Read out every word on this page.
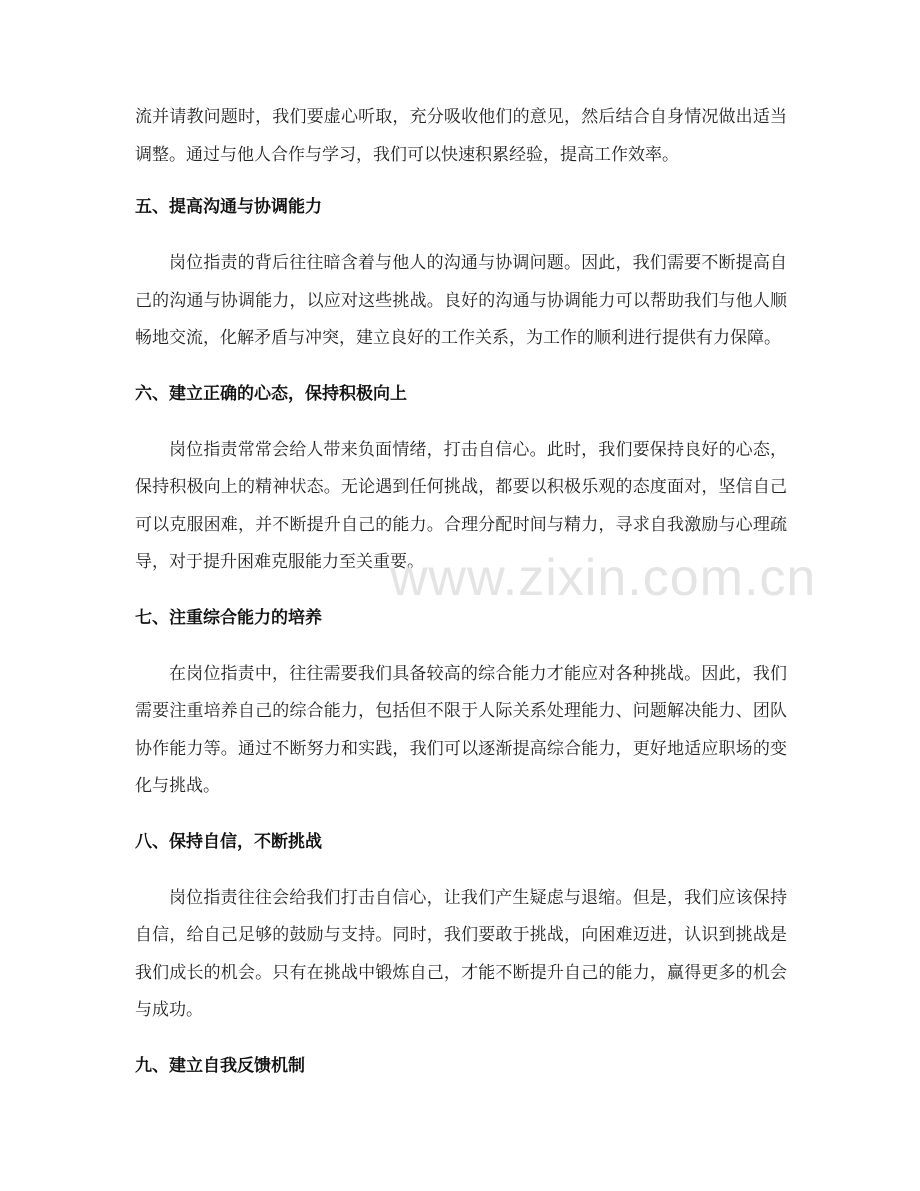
流并请教问题时，我们要虚心听取，充分吸收他们的意见，然后结合自身情况做出适当调整。通过与他人合作与学习，我们可以快速积累经验，提高工作效率。

五、提高沟通与协调能力

岗位指责的背后往往暗含着与他人的沟通与协调问题。因此，我们需要不断提高自己的沟通与协调能力，以应对这些挑战。良好的沟通与协调能力可以帮助我们与他人顺畅地交流，化解矛盾与冲突，建立良好的工作关系，为工作的顺利进行提供有力保障。

六、建立正确的心态，保持积极向上

岗位指责常常会给人带来负面情绪，打击自信心。此时，我们要保持良好的心态，保持积极向上的精神状态。无论遇到任何挑战，都要以积极乐观的态度面对，坚信自己可以克服困难，并不断提升自己的能力。合理分配时间与精力，寻求自我激励与心理疏导，对于提升困难克服能力至关重要。

七、注重综合能力的培养

在岗位指责中，往往需要我们具备较高的综合能力才能应对各种挑战。因此，我们需要注重培养自己的综合能力，包括但不限于人际关系处理能力、问题解决能力、团队协作能力等。通过不断努力和实践，我们可以逐渐提高综合能力，更好地适应职场的变化与挑战。

八、保持自信，不断挑战

岗位指责往往会给我们打击自信心，让我们产生疑虑与退缩。但是，我们应该保持自信，给自己足够的鼓励与支持。同时，我们要敢于挑战，向困难迈进，认识到挑战是我们成长的机会。只有在挑战中锻炼自己，才能不断提升自己的能力，赢得更多的机会与成功。

九、建立自我反馈机制
www.zixin.com.cn
